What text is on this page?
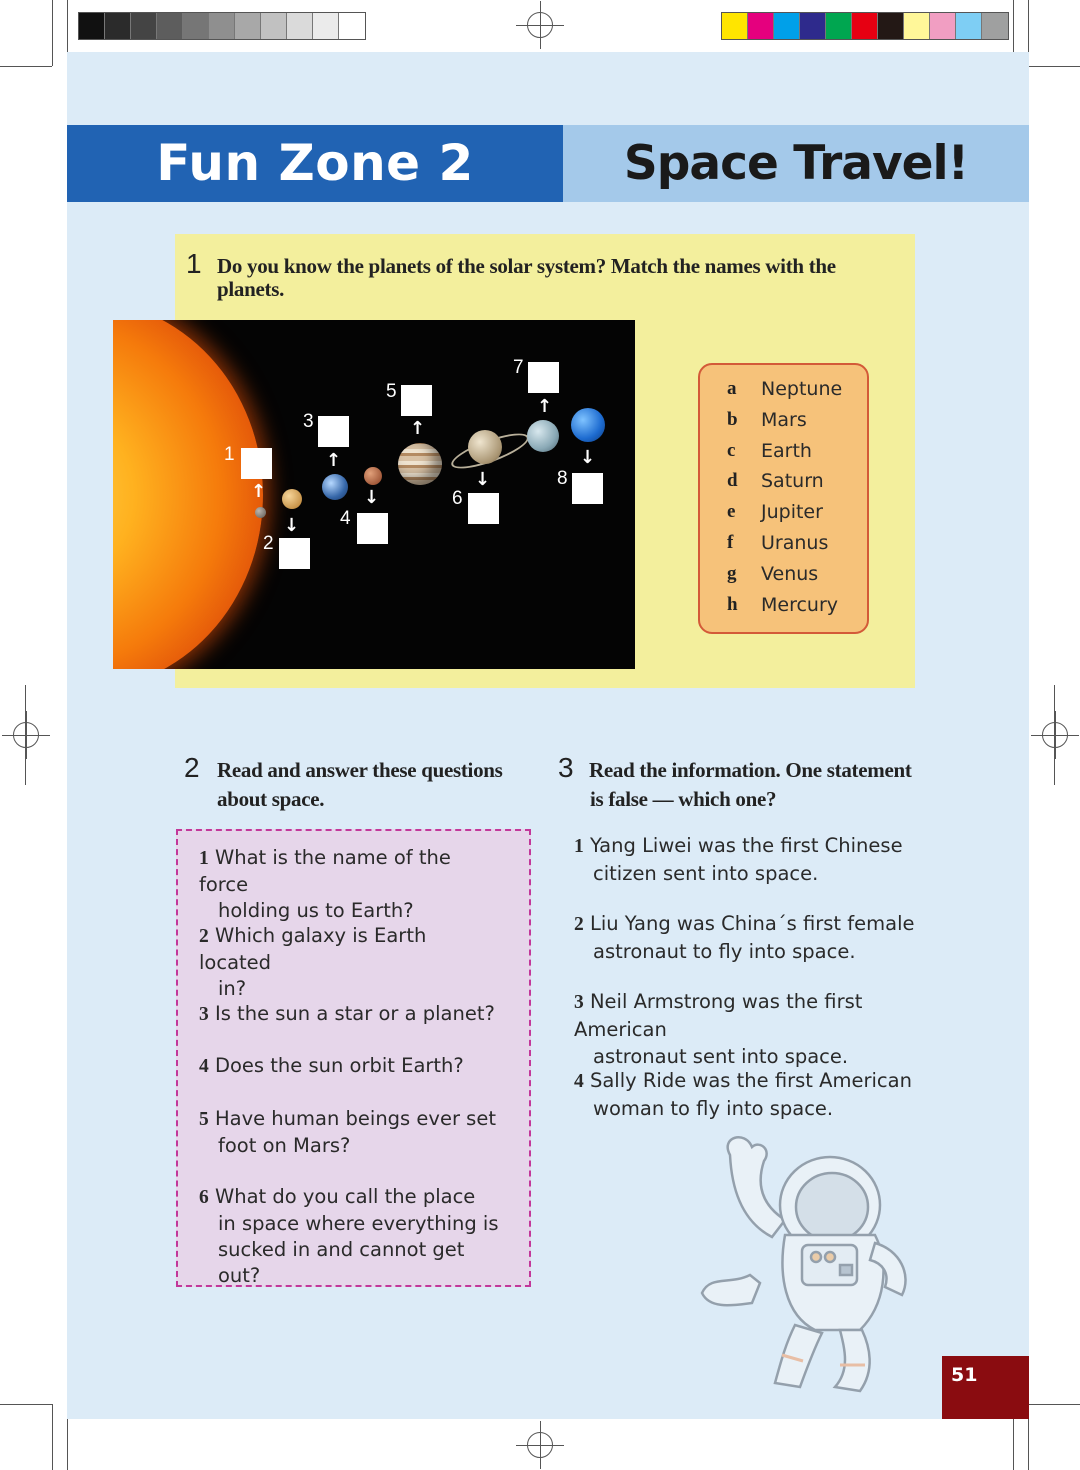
Fun Zone 2	Space Travel!
1 Do you know the planets of the solar system? Match the names with the planets.
1
↑
2
↓
3
↑
4
↓
5
↑
6
↓
7
↑
8
↓
a Neptune
b Mars
c Earth
d Saturn
e Jupiter
f Uranus
g Venus
h Mercury
2 Read and answer these questions
about space.
1 What is the name of the force
holding us to Earth?
2 Which galaxy is Earth located
in?
3 Is the sun a star or a planet?
4 Does the sun orbit Earth?
5 Have human beings ever set
foot on Mars?
6 What do you call the place
in space where everything is
sucked in and cannot get out?
3 Read the information. One statement
is false — which one?
1 Yang Liwei was the first Chinese
citizen sent into space.
2 Liu Yang was China´s first female
astronaut to fly into space.
3 Neil Armstrong was the first American
astronaut sent into space.
4 Sally Ride was the first American
woman to fly into space.
51
